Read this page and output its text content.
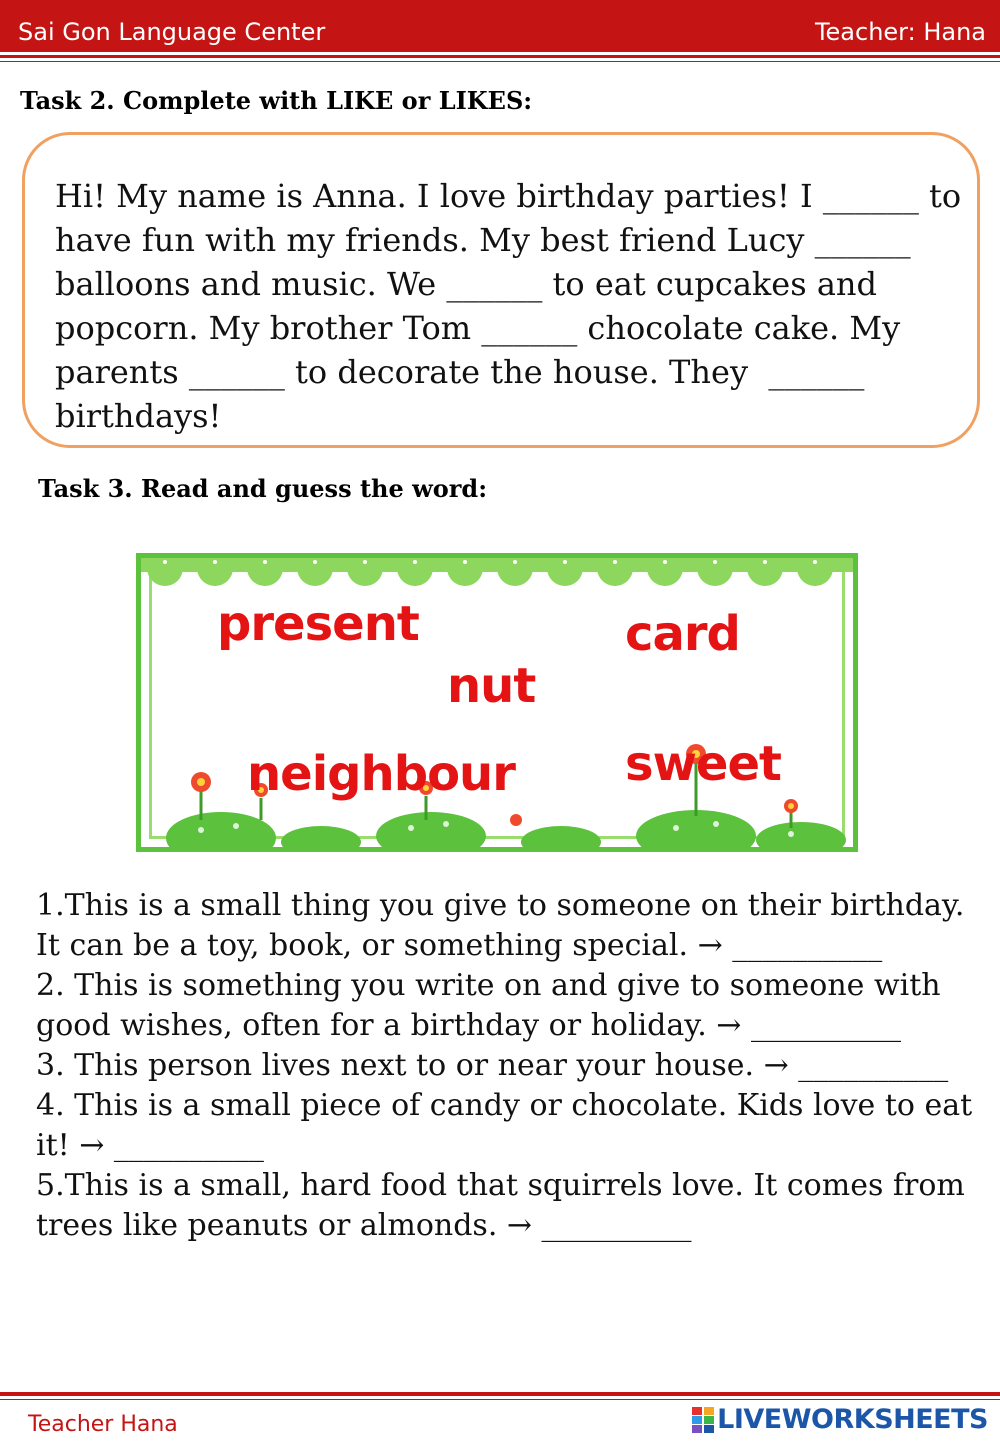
Sai Gon Language Center	Teacher: Hana
Task 2. Complete with LIKE or LIKES:
Hi! My name is Anna. I love birthday parties! I ______ to have fun with my friends. My best friend Lucy ______ balloons and music. We ______ to eat cupcakes and popcorn. My brother Tom ______ chocolate cake. My parents ______ to decorate the house. They  ______ birthdays!
Task 3. Read and guess the word:
present	card
nut
neighbour sweet

1.This is a small thing you give to someone on their birthday. It can be a toy, book, or something special. → __________

2. This is something you write on and give to someone with good wishes, often for a birthday or holiday. → __________

3. This person lives next to or near your house. → __________

4. This is a small piece of candy or chocolate. Kids love to eat it! → __________

5.This is a small, hard food that squirrels love. It comes from trees like peanuts or almonds. → __________

Teacher Hana	LIVEWORKSHEETS
